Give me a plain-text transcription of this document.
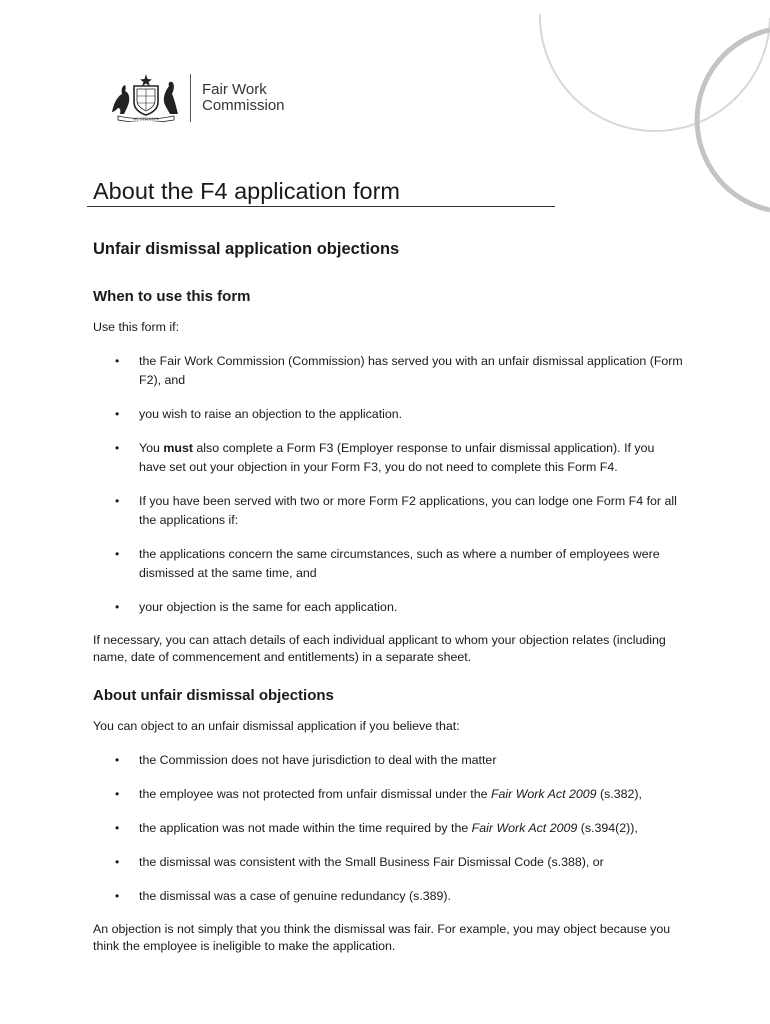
AUSTRALIA
Fair Work
Commission
About the F4 application form
Unfair dismissal application objections
When to use this form

Use this form if:

• the Fair Work Commission (Commission) has served you with an unfair dismissal application (Form F2), and
• you wish to raise an objection to the application.
• You must also complete a Form F3 (Employer response to unfair dismissal application). If you have set out your objection in your Form F3, you do not need to complete this Form F4.
• If you have been served with two or more Form F2 applications, you can lodge one Form F4 for all the applications if:
• the applications concern the same circumstances, such as where a number of employees were dismissed at the same time, and
• your objection is the same for each application.

If necessary, you can attach details of each individual applicant to whom your objection relates (including name, date of commencement and entitlements) in a separate sheet.

About unfair dismissal objections

You can object to an unfair dismissal application if you believe that:

• the Commission does not have jurisdiction to deal with the matter
• the employee was not protected from unfair dismissal under the Fair Work Act 2009 (s.382),
• the application was not made within the time required by the Fair Work Act 2009 (s.394(2)),
• the dismissal was consistent with the Small Business Fair Dismissal Code (s.388), or
• the dismissal was a case of genuine redundancy (s.389).

An objection is not simply that you think the dismissal was fair. For example, you may object because you think the employee is ineligible to make the application.
